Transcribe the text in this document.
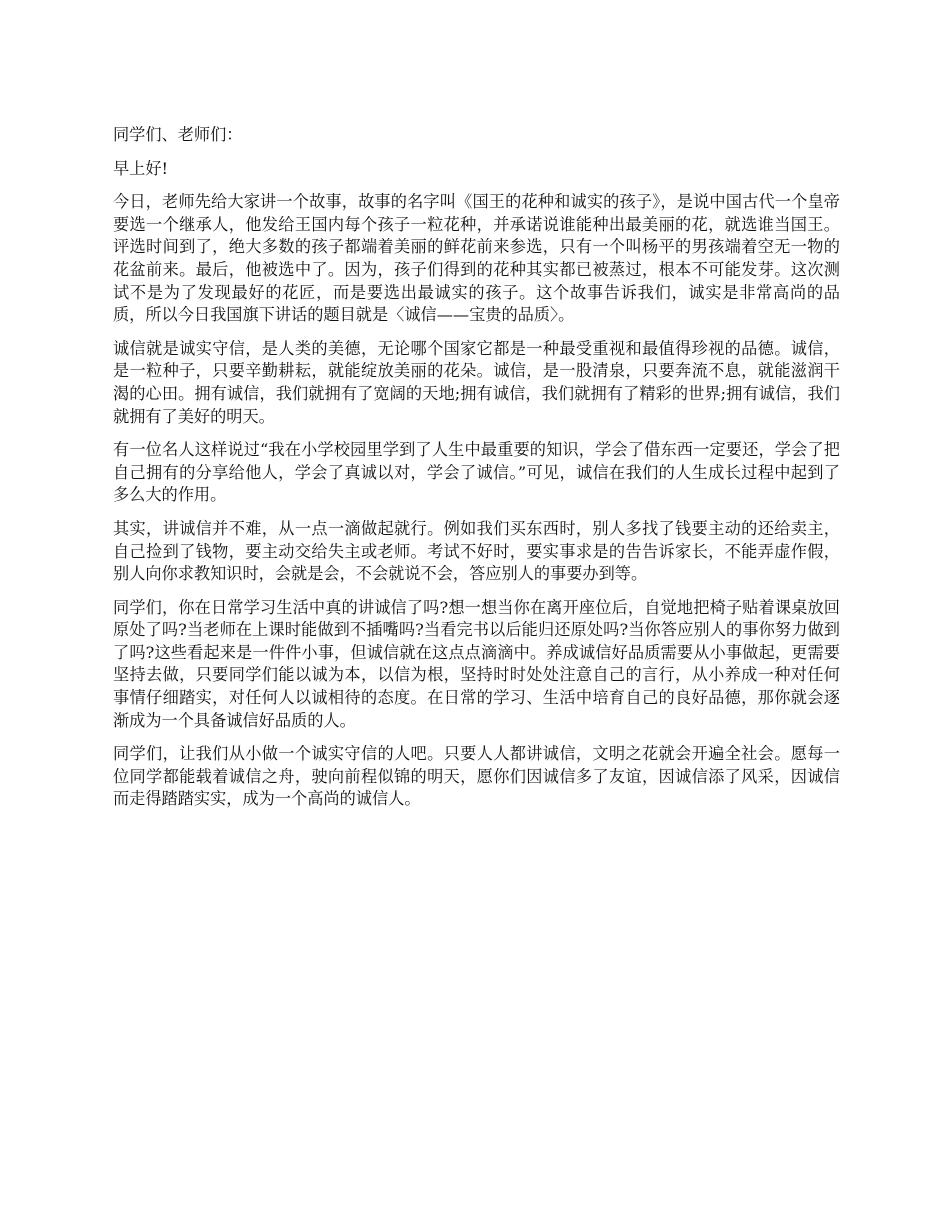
同学们、老师们：

早上好!

今日，老师先给大家讲一个故事，故事的名字叫《国王的花种和诚实的孩子》，是说中国古代一个皇帝要选一个继承人，他发给王国内每个孩子一粒花种，并承诺说谁能种出最美丽的花，就选谁当国王。评选时间到了，绝大多数的孩子都端着美丽的鲜花前来参选，只有一个叫杨平的男孩端着空无一物的花盆前来。最后，他被选中了。因为，孩子们得到的花种其实都已被蒸过，根本不可能发芽。这次测试不是为了发现最好的花匠，而是要选出最诚实的孩子。这个故事告诉我们，诚实是非常高尚的品质，所以今日我国旗下讲话的题目就是〈诚信——宝贵的品质〉。

诚信就是诚实守信，是人类的美德，无论哪个国家它都是一种最受重视和最值得珍视的品德。诚信，是一粒种子，只要辛勤耕耘，就能绽放美丽的花朵。诚信，是一股清泉，只要奔流不息，就能滋润干渴的心田。拥有诚信，我们就拥有了宽阔的天地;拥有诚信，我们就拥有了精彩的世界;拥有诚信，我们就拥有了美好的明天。

有一位名人这样说过“我在小学校园里学到了人生中最重要的知识，学会了借东西一定要还，学会了把自己拥有的分享给他人，学会了真诚以对，学会了诚信。”可见，诚信在我们的人生成长过程中起到了多么大的作用。

其实，讲诚信并不难，从一点一滴做起就行。例如我们买东西时，别人多找了钱要主动的还给卖主，自己捡到了钱物，要主动交给失主或老师。考试不好时，要实事求是的告告诉家长，不能弄虚作假，别人向你求教知识时，会就是会，不会就说不会，答应别人的事要办到等。

同学们，你在日常学习生活中真的讲诚信了吗?想一想当你在离开座位后，自觉地把椅子贴着课桌放回原处了吗?当老师在上课时能做到不插嘴吗?当看完书以后能归还原处吗?当你答应别人的事你努力做到了吗?这些看起来是一件件小事，但诚信就在这点点滴滴中。养成诚信好品质需要从小事做起，更需要坚持去做，只要同学们能以诚为本，以信为根，坚持时时处处注意自己的言行，从小养成一种对任何事情仔细踏实，对任何人以诚相待的态度。在日常的学习、生活中培育自己的良好品德，那你就会逐渐成为一个具备诚信好品质的人。

同学们，让我们从小做一个诚实守信的人吧。只要人人都讲诚信，文明之花就会开遍全社会。愿每一位同学都能载着诚信之舟，驶向前程似锦的明天，愿你们因诚信多了友谊，因诚信添了风采，因诚信而走得踏踏实实，成为一个高尚的诚信人。
